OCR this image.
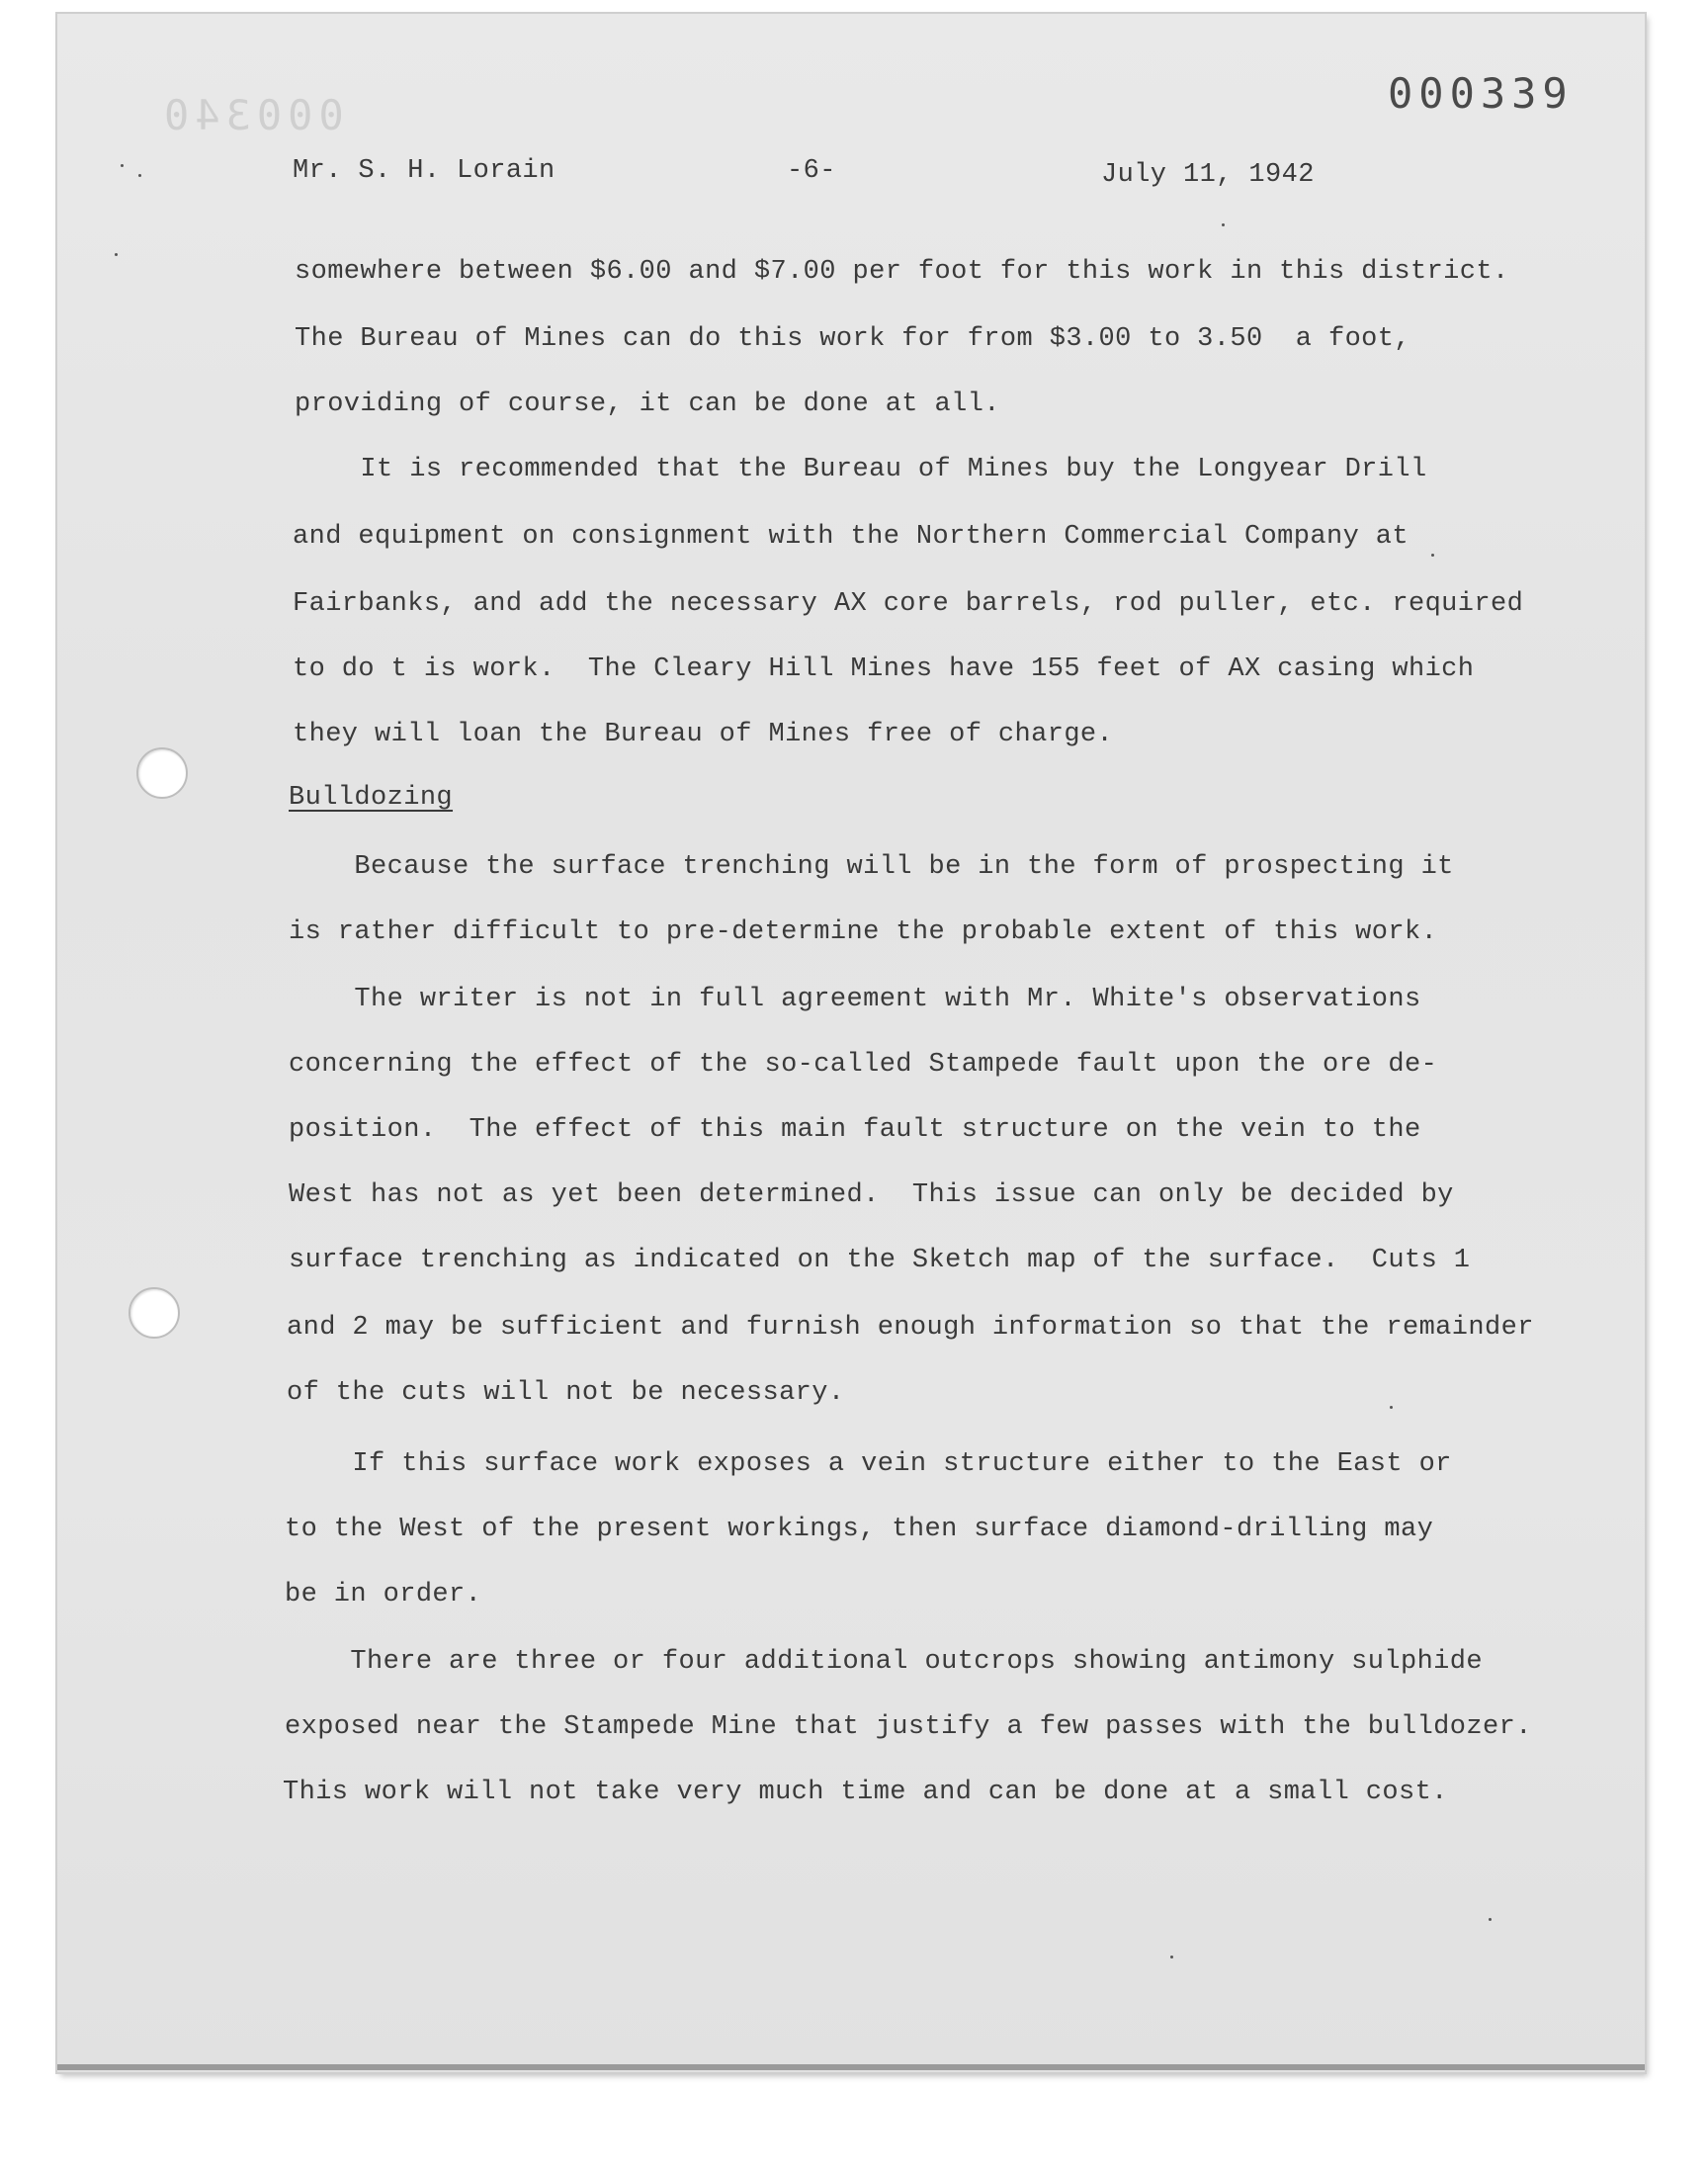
000340	000339
Mr. S. H. Lorain	-6-	July 11, 1942
somewhere between $6.00 and $7.00 per foot for this work in this district.
The Bureau of Mines can do this work for from $3.00 to 3.50  a foot,
providing of course, it can be done at all.
It is recommended that the Bureau of Mines buy the Longyear Drill
and equipment on consignment with the Northern Commercial Company at
Fairbanks, and add the necessary AX core barrels, rod puller, etc. required
to do t is work.  The Cleary Hill Mines have 155 feet of AX casing which
they will loan the Bureau of Mines free of charge.
Bulldozing
Because the surface trenching will be in the form of prospecting it
is rather difficult to pre-determine the probable extent of this work.
The writer is not in full agreement with Mr. White's observations
concerning the effect of the so-called Stampede fault upon the ore de-
position.  The effect of this main fault structure on the vein to the
West has not as yet been determined.  This issue can only be decided by
surface trenching as indicated on the Sketch map of the surface.  Cuts 1
and 2 may be sufficient and furnish enough information so that the remainder
of the cuts will not be necessary.
If this surface work exposes a vein structure either to the East or
to the West of the present workings, then surface diamond-drilling may
be in order.
There are three or four additional outcrops showing antimony sulphide
exposed near the Stampede Mine that justify a few passes with the bulldozer.
This work will not take very much time and can be done at a small cost.
